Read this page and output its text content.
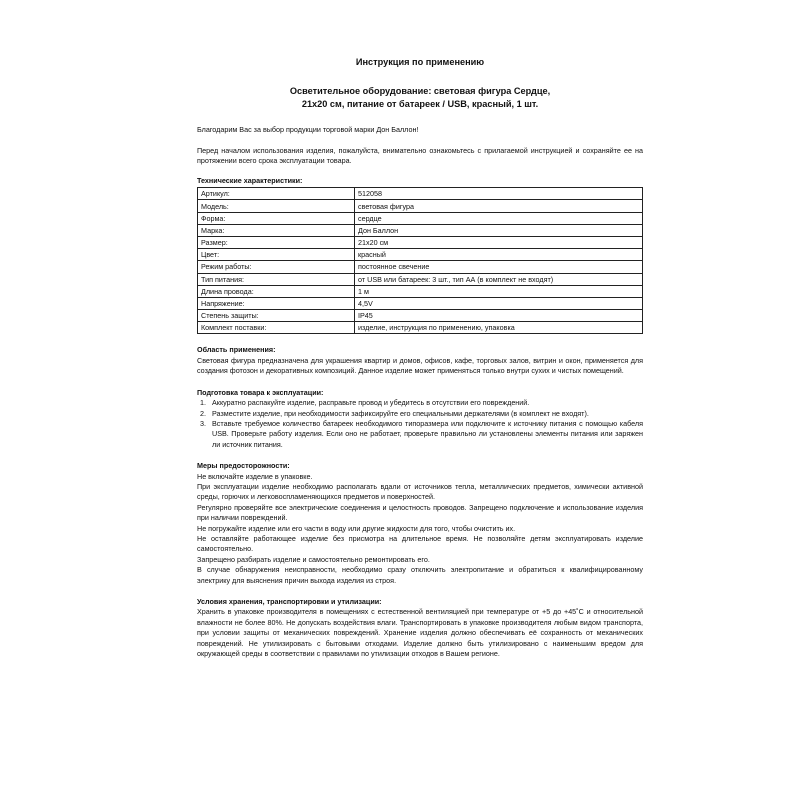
Инструкция по применению
Осветительное оборудование: световая фигура Сердце,
21х20 см, питание от батареек / USB, красный, 1 шт.
Благодарим Вас за выбор продукции торговой марки Дон Баллон!
Перед началом использования изделия, пожалуйста, внимательно ознакомьтесь с прилагаемой инструкцией и сохраняйте ее на протяжении всего срока эксплуатации товара.
Технические характеристики:
Артикул:	512058
Модель:	световая фигура
Форма:	сердце
Марка:	Дон Баллон
Размер:	21х20 см
Цвет:	красный
Режим работы:	постоянное свечение
Тип питания:	от USB или батареек: 3 шт., тип АА (в комплект не входят)
Длина провода:	1 м
Напряжение:	4,5V
Степень защиты:	IP45
Комплект поставки:	изделие, инструкция по применению, упаковка
Область применения:
Световая фигура предназначена для украшения квартир и домов, офисов, кафе, торговых залов, витрин и окон, применяется для создания фотозон и декоративных композиций. Данное изделие может применяться только внутри сухих и чистых помещений.
Подготовка товара к эксплуатации:
1. Аккуратно распакуйте изделие, расправьте провод и убедитесь в отсутствии его повреждений.
2. Разместите изделие, при необходимости зафиксируйте его специальными держателями (в комплект не входят).
3. Вставьте требуемое количество батареек необходимого типоразмера или подключите к источнику питания с помощью кабеля USB. Проверьте работу изделия. Если оно не работает, проверьте правильно ли установлены элементы питания или заряжен ли источник питания.
Меры предосторожности:
Не включайте изделие в упаковке.
При эксплуатации изделие необходимо располагать вдали от источников тепла, металлических предметов, химически активной среды, горючих и легковоспламеняющихся предметов и поверхностей.
Регулярно проверяйте все электрические соединения и целостность проводов. Запрещено подключение и использование изделия при наличии повреждений.
Не погружайте изделие или его части в воду или другие жидкости для того, чтобы очистить их.
Не оставляйте работающее изделие без присмотра на длительное время. Не позволяйте детям эксплуатировать изделие самостоятельно.
Запрещено разбирать изделие и самостоятельно ремонтировать его.
В случае обнаружения неисправности, необходимо сразу отключить электропитание и обратиться к квалифицированному электрику для выяснения причин выхода изделия из строя.
Условия хранения, транспортировки и утилизации:
Хранить в упаковке производителя в помещениях с естественной вентиляцией при температуре от +5 до +45˚С и относительной влажности не более 80%. Не допускать воздействия влаги. Транспортировать в упаковке производителя любым видом транспорта, при условии защиты от механических повреждений. Хранение изделия должно обеспечивать её сохранность от механических повреждений. Не утилизировать с бытовыми отходами. Изделие должно быть утилизировано с наименьшим вредом для окружающей среды в соответствии с правилами по утилизации отходов в Вашем регионе.
